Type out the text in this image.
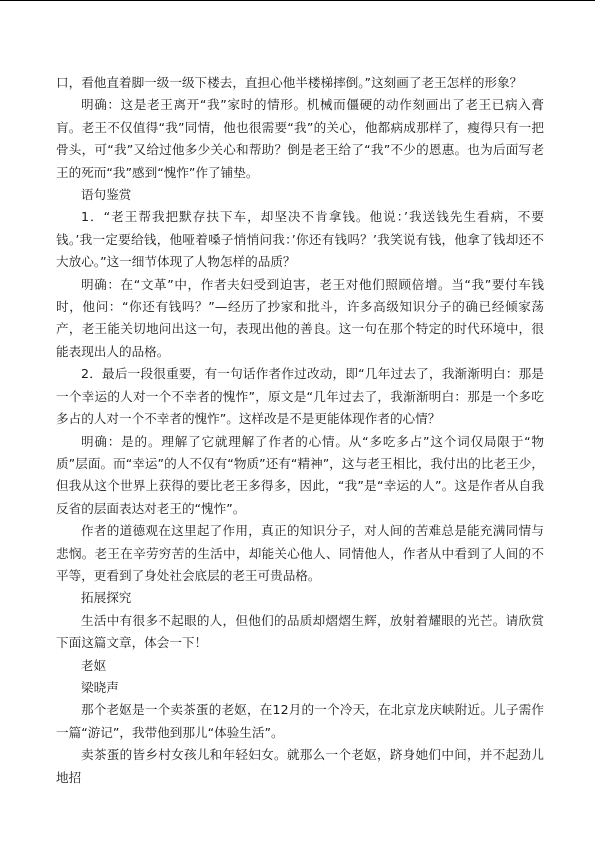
口，看他直着脚一级一级下楼去，直担心他半楼梯摔倒。”这刻画了老王怎样的形象？

明确：这是老王离开“我”家时的情形。机械而僵硬的动作刻画出了老王已病入膏肓。老王不仅值得“我”同情，他也很需要“我”的关心，他都病成那样了，瘦得只有一把骨头，可“我”又给过他多少关心和帮助？倒是老王给了“我”不少的恩惠。也为后面写老王的死而“我”感到“愧怍”作了铺垫。

语句鉴赏

1．“老王帮我把默存扶下车，却坚决不肯拿钱。他说：’我送钱先生看病，不要钱。’我一定要给钱，他哑着嗓子悄悄问我：’你还有钱吗？’我笑说有钱，他拿了钱却还不大放心。”这一细节体现了人物怎样的品质？

明确：在“文革”中，作者夫妇受到迫害，老王对他们照顾倍增。当“我”要付车钱时，他问：“你还有钱吗？”—经历了抄家和批斗，许多高级知识分子的确已经倾家荡产，老王能关切地问出这一句，表现出他的善良。这一句在那个特定的时代环境中，很能表现出人的品格。

2．最后一段很重要，有一句话作者作过改动，即“几年过去了，我渐渐明白：那是一个幸运的人对一个不幸者的愧怍”，原文是“几年过去了，我渐渐明白：那是一个多吃多占的人对一个不幸者的愧怍”。这样改是不是更能体现作者的心情？

明确：是的。理解了它就理解了作者的心情。从“多吃多占”这个词仅局限于“物质”层面。而“幸运”的人不仅有“物质”还有“精神”，这与老王相比，我付出的比老王少，但我从这个世界上获得的要比老王多得多，因此，“我”是“幸运的人”。这是作者从自我反省的层面表达对老王的“愧怍”。

作者的道德观在这里起了作用，真正的知识分子，对人间的苦难总是能充满同情与悲悯。老王在辛劳穷苦的生活中，却能关心他人、同情他人，作者从中看到了人间的不平等，更看到了身处社会底层的老王可贵品格。

拓展探究

生活中有很多不起眼的人，但他们的品质却熠熠生辉，放射着耀眼的光芒。请欣赏下面这篇文章，体会一下！

老妪

梁晓声

那个老妪是一个卖茶蛋的老妪，在12月的一个冷天，在北京龙庆峡附近。儿子需作一篇“游记”，我带他到那儿“体验生活”。

卖茶蛋的皆乡村女孩儿和年轻妇女。就那么一个老妪，跻身她们中间，并不起劲儿地招
